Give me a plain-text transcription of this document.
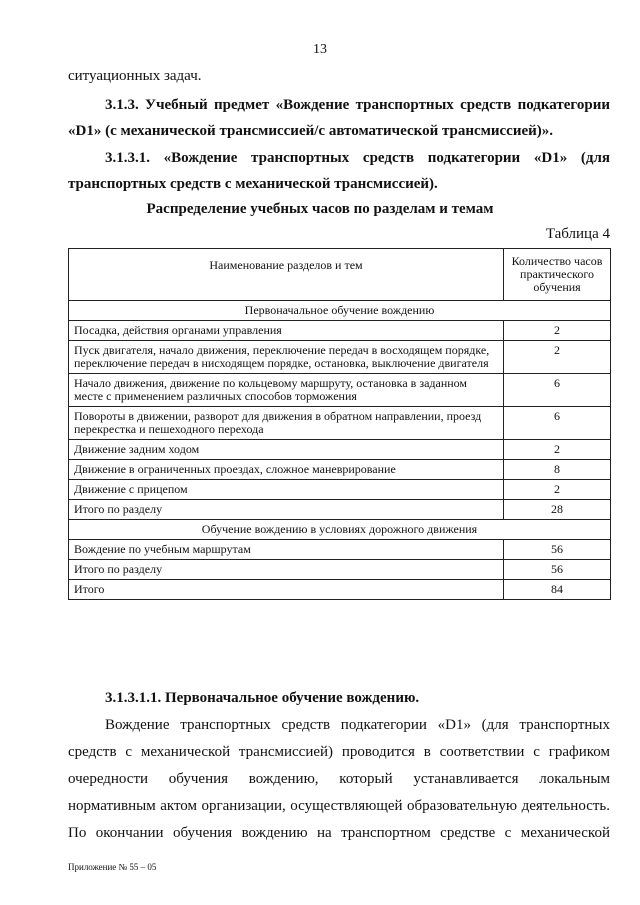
13
ситуационных задач.
3.1.3. Учебный предмет «Вождение транспортных средств подкатегории
«D1» (с механической трансмиссией/с автоматической трансмиссией)».
3.1.3.1. «Вождение транспортных средств подкатегории «D1» (для
транспортных средств с механической трансмиссией).
Распределение учебных часов по разделам и темам
Таблица 4
Наименование разделов и тем	Количество часов практического обучения
Первоначальное обучение вождению	
Посадка, действия органами управления	2
Пуск двигателя, начало движения, переключение передач в восходящем порядке, переключение передач в нисходящем порядке, остановка, выключение двигателя	2
Начало движения, движение по кольцевому маршруту, остановка в заданном месте с применением различных способов торможения	6
Повороты в движении, разворот для движения в обратном направлении, проезд перекрестка и пешеходного перехода	6
Движение задним ходом	2
Движение в ограниченных проездах, сложное маневрирование	8
Движение с прицепом	2
Итого по разделу	28
Обучение вождению в условиях дорожного движения	
Вождение по учебным маршрутам	56
Итого по разделу	56
Итого	84
3.1.3.1.1. Первоначальное обучение вождению.
Вождение транспортных средств подкатегории «D1» (для транспортных
средств с механической трансмиссией) проводится в соответствии с графиком
очередности обучения вождению, который устанавливается локальным
нормативным актом организации, осуществляющей образовательную деятельность.
По окончании обучения вождению на транспортном средстве с механической
Приложение № 55 – 05
